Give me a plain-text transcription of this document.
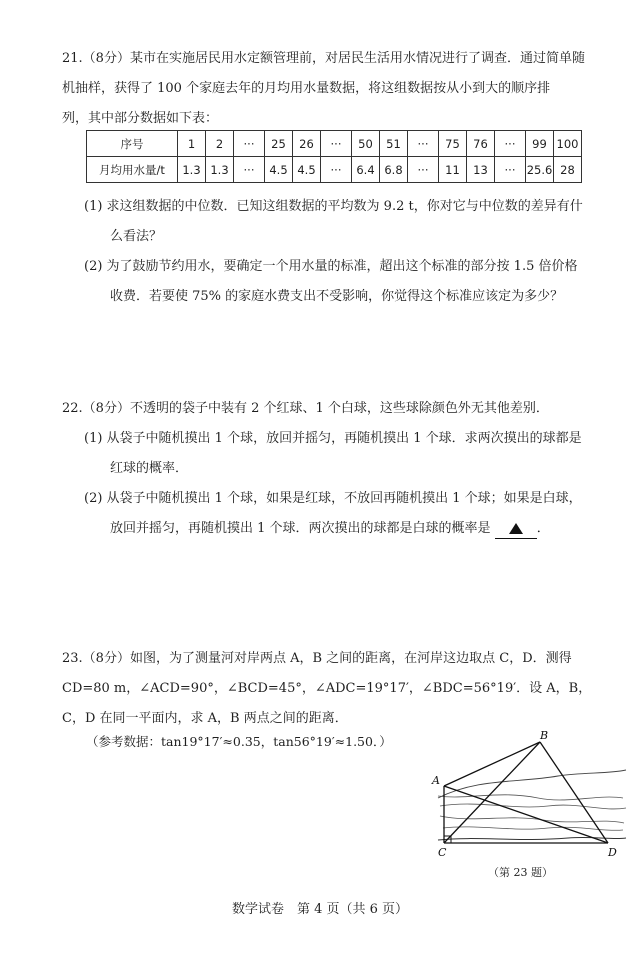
21.（8分）某市在实施居民用水定额管理前，对居民生活用水情况进行了调查．通过简单随
机抽样，获得了 100 个家庭去年的月均用水量数据，将这组数据按从小到大的顺序排
列，其中部分数据如下表：
序号	1	2	···	25	26	···	50	51	···	75	76	···	99	100
月均用水量/t	1.3	1.3	···	4.5	4.5	···	6.4	6.8	···	11	13	···	25.6	28
(1) 求这组数据的中位数．已知这组数据的平均数为 9.2 t，你对它与中位数的差异有什
么看法？
(2) 为了鼓励节约用水，要确定一个用水量的标准，超出这个标准的部分按 1.5 倍价格
收费．若要使 75% 的家庭水费支出不受影响，你觉得这个标准应该定为多少？
22.（8分）不透明的袋子中装有 2 个红球、1 个白球，这些球除颜色外无其他差别．
(1) 从袋子中随机摸出 1 个球，放回并摇匀，再随机摸出 1 个球．求两次摸出的球都是
红球的概率．
(2) 从袋子中随机摸出 1 个球，如果是红球，不放回再随机摸出 1 个球；如果是白球，
放回并摇匀，再随机摸出 1 个球．两次摸出的球都是白球的概率是	．
23.（8分）如图，为了测量河对岸两点 A，B 之间的距离，在河岸这边取点 C，D．测得
CD=80 m，∠ACD=90°，∠BCD=45°，∠ADC=19°17′，∠BDC=56°19′．设 A，B，
C，D 在同一平面内，求 A，B 两点之间的距离．
（参考数据：tan19°17′≈0.35，tan56°19′≈1.50．）
A
B
C	D
（第 23 题）
数学试卷　第 4 页（共 6 页）
